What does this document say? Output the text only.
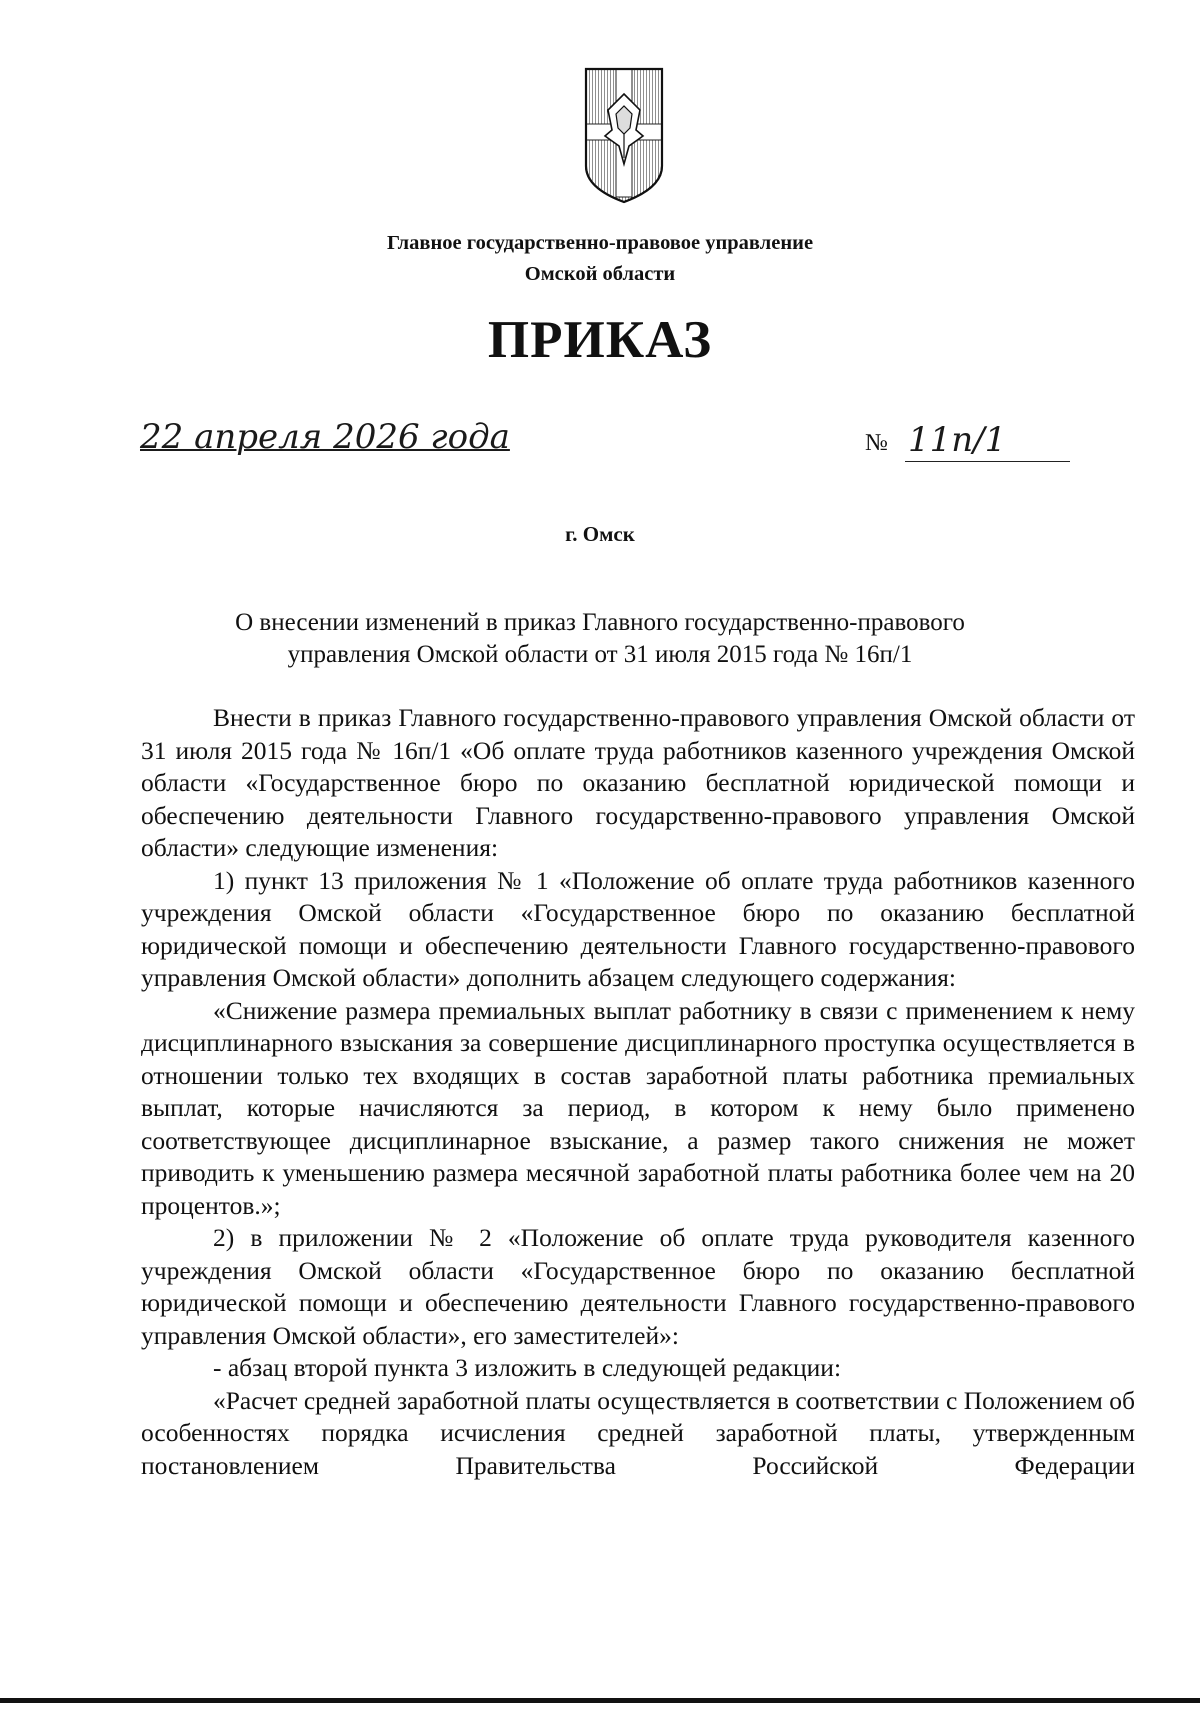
Главное государственно-правовое управление
Омской области
ПРИКАЗ
22 апреля 2026 года	№ 11п/1
г. Омск
О внесении изменений в приказ Главного государственно-правового
управления Омской области от 31 июля 2015 года № 16п/1

Внести в приказ Главного государственно-правового управления Омской области от 31 июля 2015 года № 16п/1 «Об оплате труда работников казенного учреждения Омской области «Государственное бюро по оказанию бесплатной юридической помощи и обеспечению деятельности Главного государственно-правового управления Омской области» следующие изменения:

1) пункт 13 приложения № 1 «Положение об оплате труда работников казенного учреждения Омской области «Государственное бюро по оказанию бесплатной юридической помощи и обеспечению деятельности Главного государственно-правового управления Омской области» дополнить абзацем следующего содержания:

«Снижение размера премиальных выплат работнику в связи с применением к нему дисциплинарного взыскания за совершение дисциплинарного проступка осуществляется в отношении только тех входящих в состав заработной платы работника премиальных выплат, которые начисляются за период, в котором к нему было применено соответствующее дисциплинарное взыскание, а размер такого снижения не может приводить к уменьшению размера месячной заработной платы работника более чем на 20 процентов.»;

2) в приложении № 2 «Положение об оплате труда руководителя казенного учреждения Омской области «Государственное бюро по оказанию бесплатной юридической помощи и обеспечению деятельности Главного государственно-правового управления Омской области», его заместителей»:

- абзац второй пункта 3 изложить в следующей редакции:

«Расчет средней заработной платы осуществляется в соответствии с Положением об особенностях порядка исчисления средней заработной платы, утвержденным постановлением Правительства Российской Федерации
